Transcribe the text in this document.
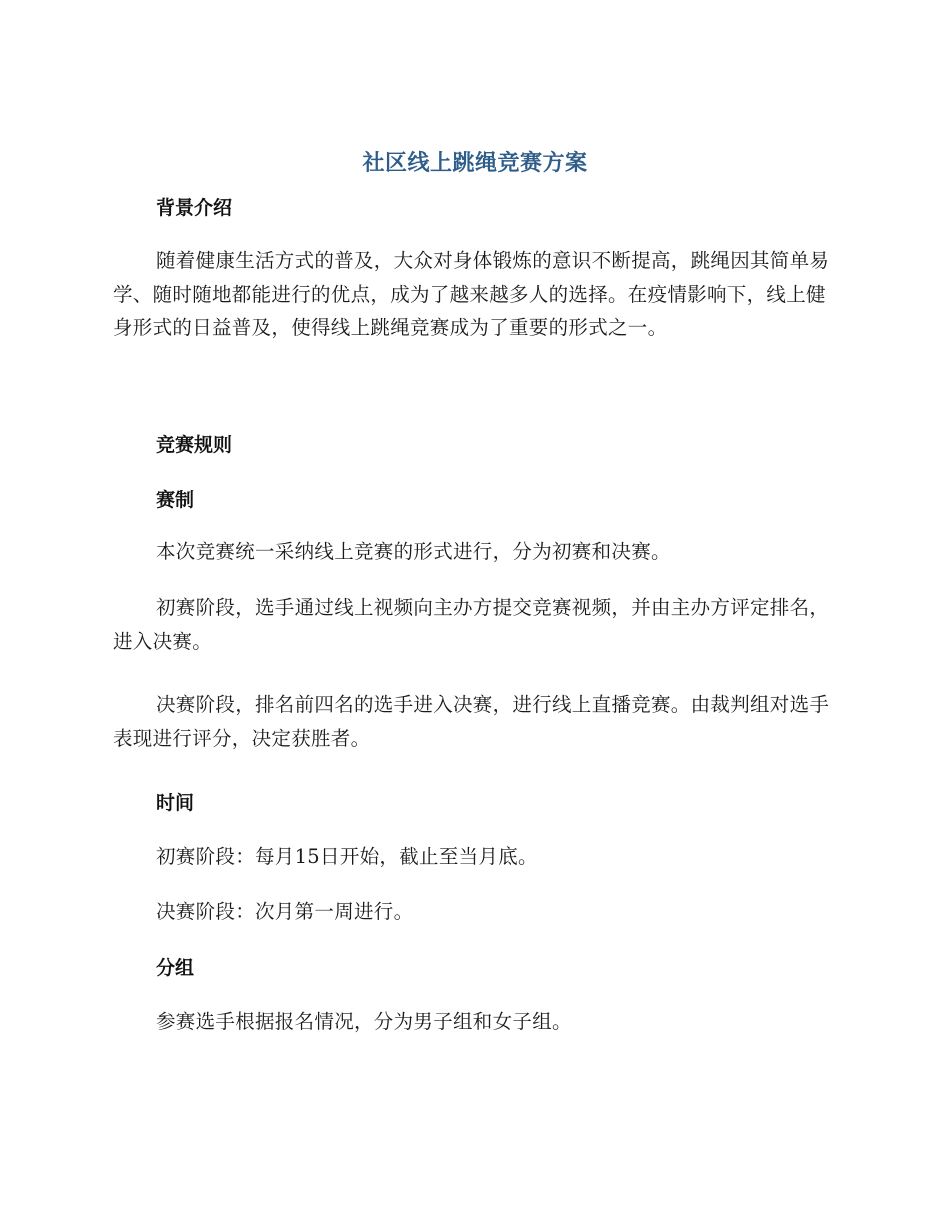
社区线上跳绳竞赛方案
背景介绍
随着健康生活方式的普及，大众对身体锻炼的意识不断提高，跳绳因其简单易学、随时随地都能进行的优点，成为了越来越多人的选择。在疫情影响下，线上健身形式的日益普及，使得线上跳绳竞赛成为了重要的形式之一。
竞赛规则
赛制
本次竞赛统一采纳线上竞赛的形式进行，分为初赛和决赛。
初赛阶段，选手通过线上视频向主办方提交竞赛视频，并由主办方评定排名，进入决赛。
决赛阶段，排名前四名的选手进入决赛，进行线上直播竞赛。由裁判组对选手表现进行评分，决定获胜者。
时间
初赛阶段：每月15日开始，截止至当月底。
决赛阶段：次月第一周进行。
分组
参赛选手根据报名情况，分为男子组和女子组。
